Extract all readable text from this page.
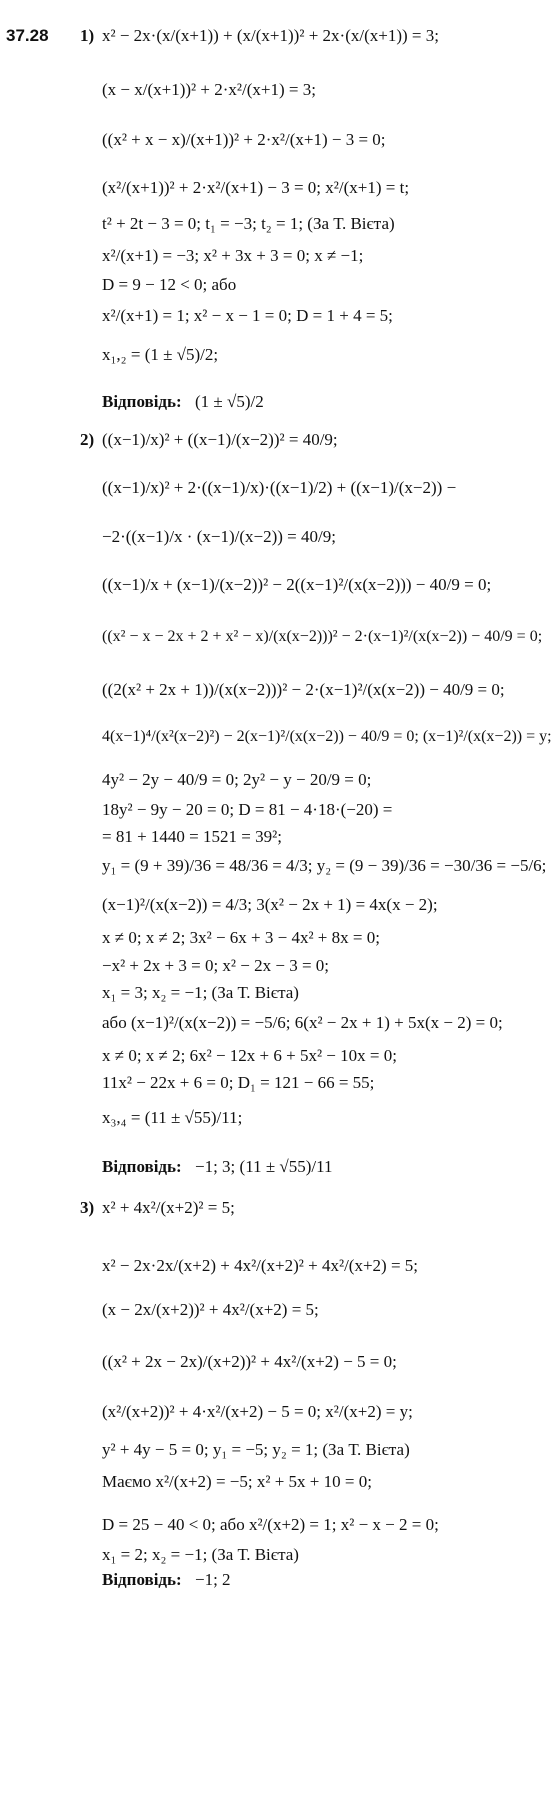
37.28 1) x² − 2x·(x/(x+1)) + (x/(x+1))² + 2x·(x/(x+1)) = 3;
(x − x/(x+1))² + 2·x²/(x+1) = 3;
((x² + x − x)/(x+1))² + 2·x²/(x+1) − 3 = 0;
(x²/(x+1))² + 2·x²/(x+1) − 3 = 0; x²/(x+1) = t;
t² + 2t − 3 = 0; t₁ = −3; t₂ = 1; (За Т. Вієта)
x²/(x+1) = −3; x² + 3x + 3 = 0; x ≠ −1;
D = 9 − 12 < 0; або
x²/(x+1) = 1; x² − x − 1 = 0; D = 1 + 4 = 5;
x₁,₂ = (1 ± √5)/2;
Відповідь: (1 ± √5)/2
2) ((x−1)/x)² + ((x−1)/(x−2))² = 40/9;
((x−1)/x)² + 2·((x−1)/x)·((x−1)/2) + ((x−1)/(x−2)) −
−2·((x−1)/x · (x−1)/(x−2)) = 40/9;
((x−1)/x + (x−1)/(x−2))² − 2((x−1)²/(x(x−2))) − 40/9 = 0;
((x² − x − 2x + 2 + x² − x)/(x(x−2)))² − 2·(x−1)²/(x(x−2)) − 40/9 = 0;
((2(x² + 2x + 1))/(x(x−2)))² − 2·(x−1)²/(x(x−2)) − 40/9 = 0;
4(x−1)⁴/(x²(x−2)²) − 2(x−1)²/(x(x−2)) − 40/9 = 0; (x−1)²/(x(x−2)) = y;
4y² − 2y − 40/9 = 0; 2y² − y − 20/9 = 0;
18y² − 9y − 20 = 0; D = 81 − 4·18·(−20) =
= 81 + 1440 = 1521 = 39²;
y₁ = (9 + 39)/36 = 48/36 = 4/3; y₂ = (9 − 39)/36 = −30/36 = −5/6;
(x−1)²/(x(x−2)) = 4/3; 3(x² − 2x + 1) = 4x(x − 2);
x ≠ 0; x ≠ 2; 3x² − 6x + 3 − 4x² + 8x = 0;
−x² + 2x + 3 = 0; x² − 2x − 3 = 0;
x₁ = 3; x₂ = −1; (За Т. Вієта)
або (x−1)²/(x(x−2)) = −5/6; 6(x² − 2x + 1) + 5x(x − 2) = 0;
x ≠ 0; x ≠ 2; 6x² − 12x + 6 + 5x² − 10x = 0;
11x² − 22x + 6 = 0; D₁ = 121 − 66 = 55;
x₃,₄ = (11 ± √55)/11;
Відповідь: −1; 3; (11 ± √55)/11
3) x² + 4x²/(x+2)² = 5;
x² − 2x·2x/(x+2) + 4x²/(x+2)² + 4x²/(x+2) = 5;
(x − 2x/(x+2))² + 4x²/(x+2) = 5;
((x² + 2x − 2x)/(x+2))² + 4x²/(x+2) − 5 = 0;
(x²/(x+2))² + 4·x²/(x+2) − 5 = 0; x²/(x+2) = y;
y² + 4y − 5 = 0; y₁ = −5; y₂ = 1; (За Т. Вієта)
Маємо x²/(x+2) = −5; x² + 5x + 10 = 0;
D = 25 − 40 < 0; або x²/(x+2) = 1; x² − x − 2 = 0;
x₁ = 2; x₂ = −1; (За Т. Вієта)
Відповідь: −1; 2
